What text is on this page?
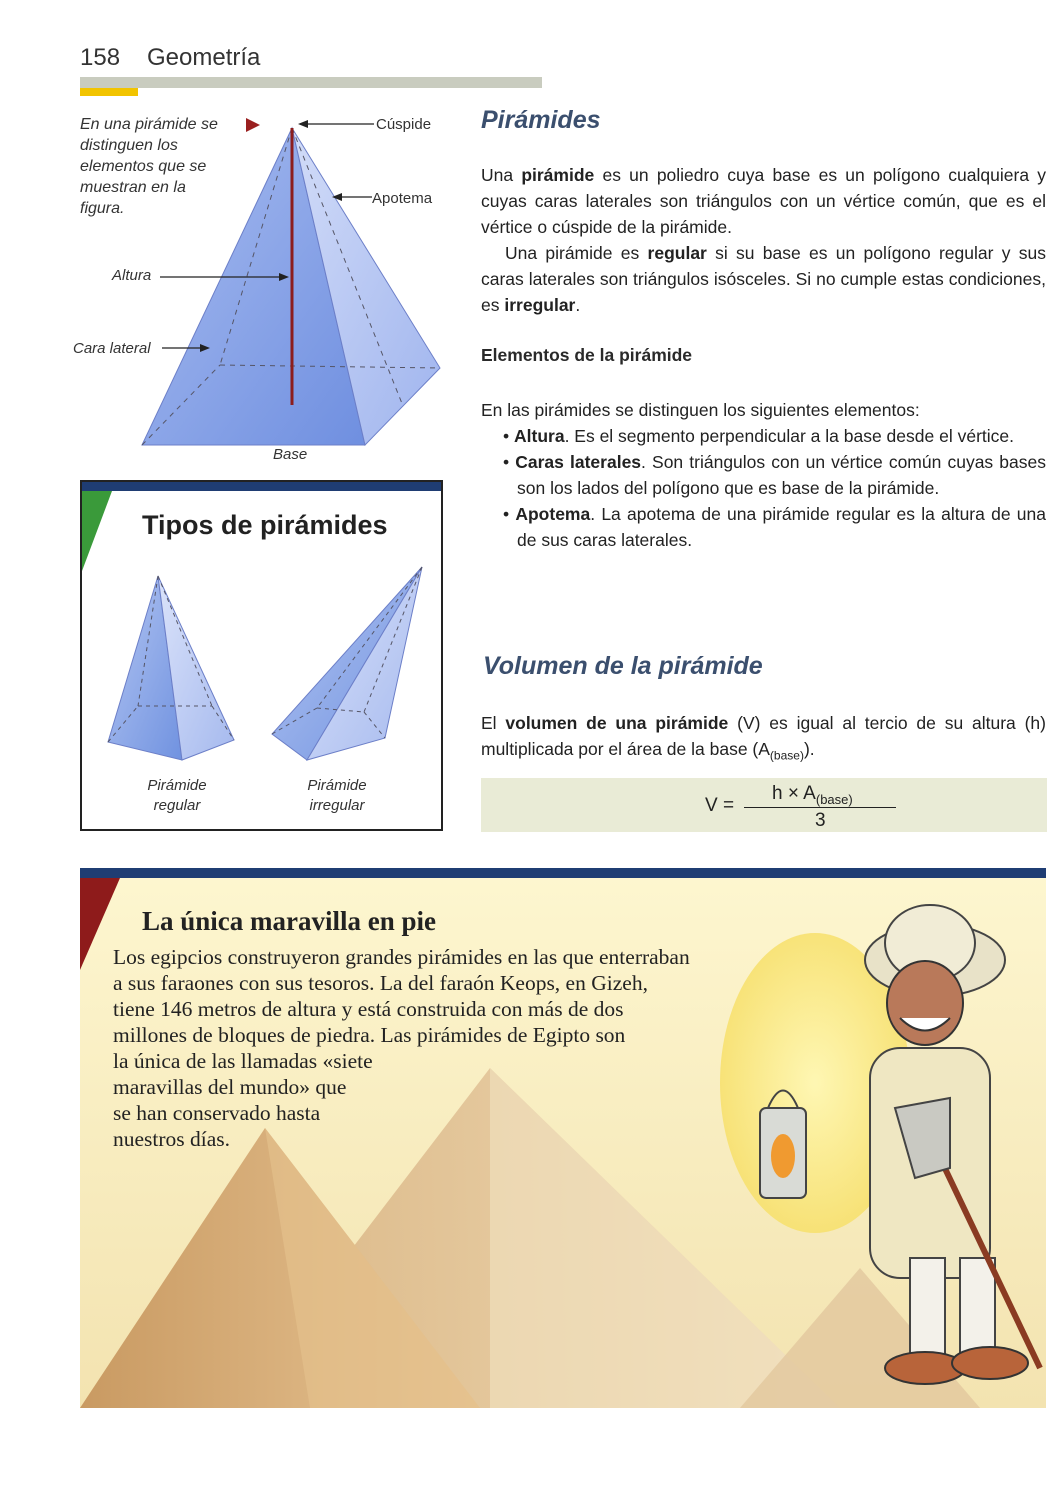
158 Geometría
En una pirámide se distinguen los elementos que se muestran en la figura.
Cúspide
Apotema
Altura
Cara lateral
Base
Tipos de pirámides
Pirámide
regular
Pirámide
irregular
Pirámides
Una pirámide es un poliedro cuya base es un polígono cualquiera y cuyas caras laterales son triángulos con un vértice común, que es el vértice o cúspide de la pirámide.
Una pirámide es regular si su base es un polígono regular y sus caras laterales son triángulos isósceles. Si no cumple estas condiciones, es irregular.
Elementos de la pirámide
En las pirámides se distinguen los siguientes elementos:
• Altura. Es el segmento perpendicular a la base desde el vértice.
• Caras laterales. Son triángulos con un vértice común cuyas bases son los lados del polígono que es base de la pirámide.
• Apotema. La apotema de una pirámide regular es la altura de una de sus caras laterales.
Volumen de la pirámide
El volumen de una pirámide (V) es igual al tercio de su altura (h) multiplicada por el área de la base $(A_{(base)})$.
V =
$h \times A_{(base)}$
3
La única maravilla en pie
Los egipcios construyeron grandes pirámides en las que enterraban
a sus faraones con sus tesoros. La del faraón Keops, en Gizeh,
tiene 146 metros de altura y está construida con más de dos
millones de bloques de piedra. Las pirámides de Egipto son
la única de las llamadas «siete
maravillas del mundo» que
se han conservado hasta
nuestros días.
